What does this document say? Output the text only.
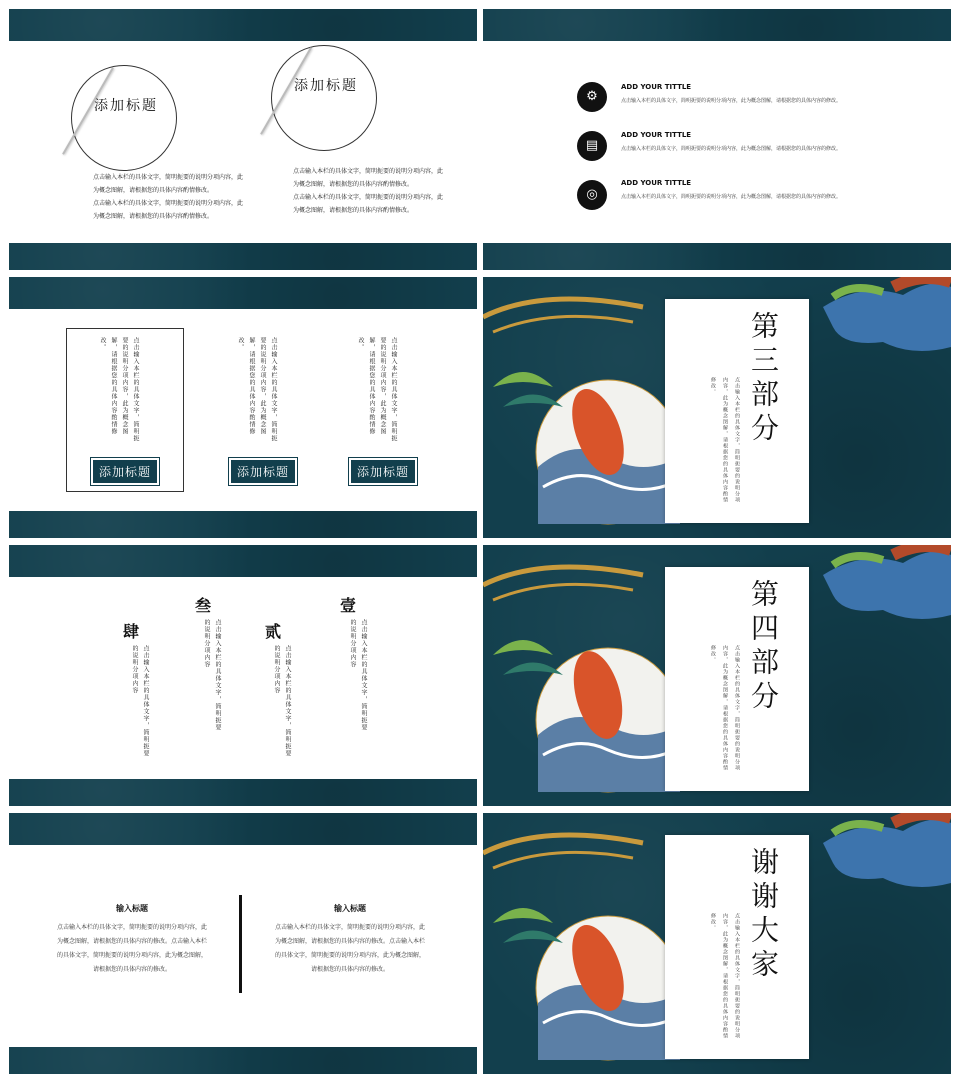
添加标题
添加标题
点击输入本栏的具体文字，简明扼要的说明分项内容，此
为概念图解，请根据您的具体内容酌情修改。
点击输入本栏的具体文字，简明扼要的说明分项内容，此
为概念图解，请根据您的具体内容酌情修改。
点击输入本栏的具体文字，简明扼要的说明分项内容，此
为概念图解，请根据您的具体内容酌情修改。
点击输入本栏的具体文字，简明扼要的说明分项内容，此
为概念图解，请根据您的具体内容酌情修改。
⚙
ADD YOUR TITTLE
点击输入本栏的具体文字，简明扼要的说明分项内容，此为概念图解，请根据您的具体内容的修改。
▤
ADD YOUR TITTLE
点击输入本栏的具体文字，简明扼要的说明分项内容，此为概念图解，请根据您的具体内容的修改。
◎
ADD YOUR TITTLE
点击输入本栏的具体文字，简明扼要的说明分项内容，此为概念图解，请根据您的具体内容的修改。
点击输入本栏的具体文字，简明扼要的说明分项内容，此为概念图解，请根据您的具体内容酌情修改。
添加标题
点击输入本栏的具体文字，简明扼要的说明分项内容，此为概念图解，请根据您的具体内容酌情修改。
添加标题
点击输入本栏的具体文字，简明扼要的说明分项内容，此为概念图解，请根据您的具体内容酌情修改。
添加标题
第三部分
点击输入本栏的具体文字，简明扼要的说明分项内容，此为概念图解，请根据您的具体内容酌情修改。
壹
点击输入本栏的具体文字，简明扼要的说明分项内容
贰
点击输入本栏的具体文字，简明扼要的说明分项内容
叁
点击输入本栏的具体文字，简明扼要的说明分项内容
肆
点击输入本栏的具体文字，简明扼要的说明分项内容	第四部分
点击输入本栏的具体文字，简明扼要的说明分项内容，此为概念图解，请根据您的具体内容酌情修改。
输入标题
点击输入本栏的具体文字，简明扼要的说明分项内容，此为概念图解，请根据您的具体内容的修改。点击输入本栏的具体文字，简明扼要的说明分项内容，此为概念图解，请根据您的具体内容的修改。
输入标题
点击输入本栏的具体文字，简明扼要的说明分项内容，此为概念图解，请根据您的具体内容的修改。点击输入本栏的具体文字，简明扼要的说明分项内容，此为概念图解，请根据您的具体内容的修改。	谢谢大家
点击输入本栏的具体文字，简明扼要的说明分项内容，此为概念图解，请根据您的具体内容酌情修改。
